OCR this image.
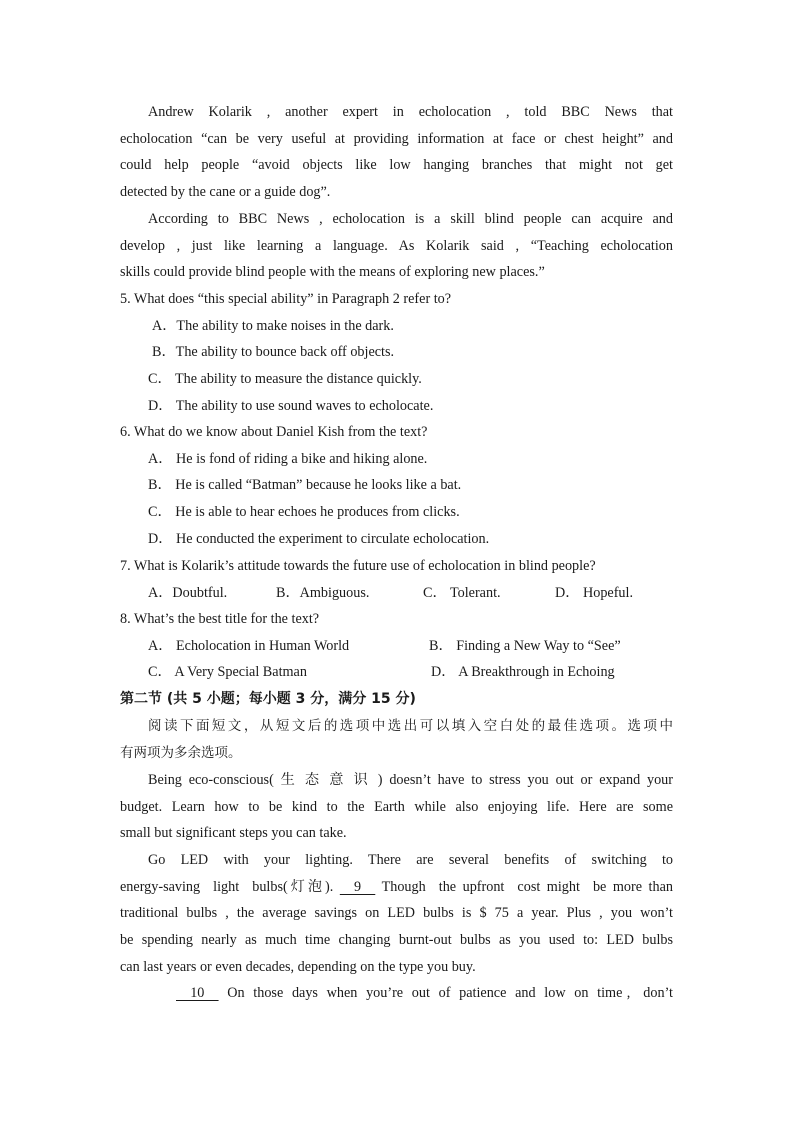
Andrew Kolarik , another expert in echolocation , told BBC News that

echolocation “can be very useful at providing information at face or chest height” and

could help people “avoid objects like low hanging branches that might not get

detected by the cane or a guide dog”.

According to BBC News , echolocation is a skill blind people can acquire and

develop , just like learning a language. As Kolarik said , “Teaching echolocation

skills could provide blind people with the means of exploring new places.”

5. What does “this special ability” in Paragraph 2 refer to?

A．The ability to make noises in the dark.

B．The ability to bounce back off objects.

C． The ability to measure the distance quickly.

D． The ability to use sound waves to echolocate.

6. What do we know about Daniel Kish from the text?

A． He is fond of riding a bike and hiking alone.

B． He is called “Batman” because he looks like a bat.

C． He is able to hear echoes he produces from clicks.

D． He conducted the experiment to circulate echolocation.

7. What is Kolarik’s attitude towards the future use of echolocation in blind people?

A．Doubtful.	B．Ambiguous.	C． Tolerant.	D． Hopeful.

8. What’s the best title for the text?

A． Echolocation in Human World	B． Finding a New Way to “See”
C． A Very Special Batman	D． A Breakthrough in Echoing

第二节 (共 5 小题；每小题 3 分，满分 15 分)

阅读下面短文，从短文后的选项中选出可以填入空白处的最佳选项。选项中

有两项为多余选项。

Being eco-conscious( 生 态 意 识 ) doesn’t have to stress you out or expand your

budget. Learn how to be kind to the Earth while also enjoying life. Here are some

small but significant steps you can take.

Go LED with your lighting. There are several benefits of switching to

energy-saving  light  bulbs(灯泡).     9     Though  the upfront  cost might  be more than

traditional bulbs , the average savings on LED bulbs is $ 75 a year. Plus , you won’t

be spending nearly as much time changing burnt-out bulbs as you used to: LED bulbs

can last years or even decades, depending on the type you buy.

10      On  those  days  when  you’re  out  of  patience  and  low  on  time ,   don’t
